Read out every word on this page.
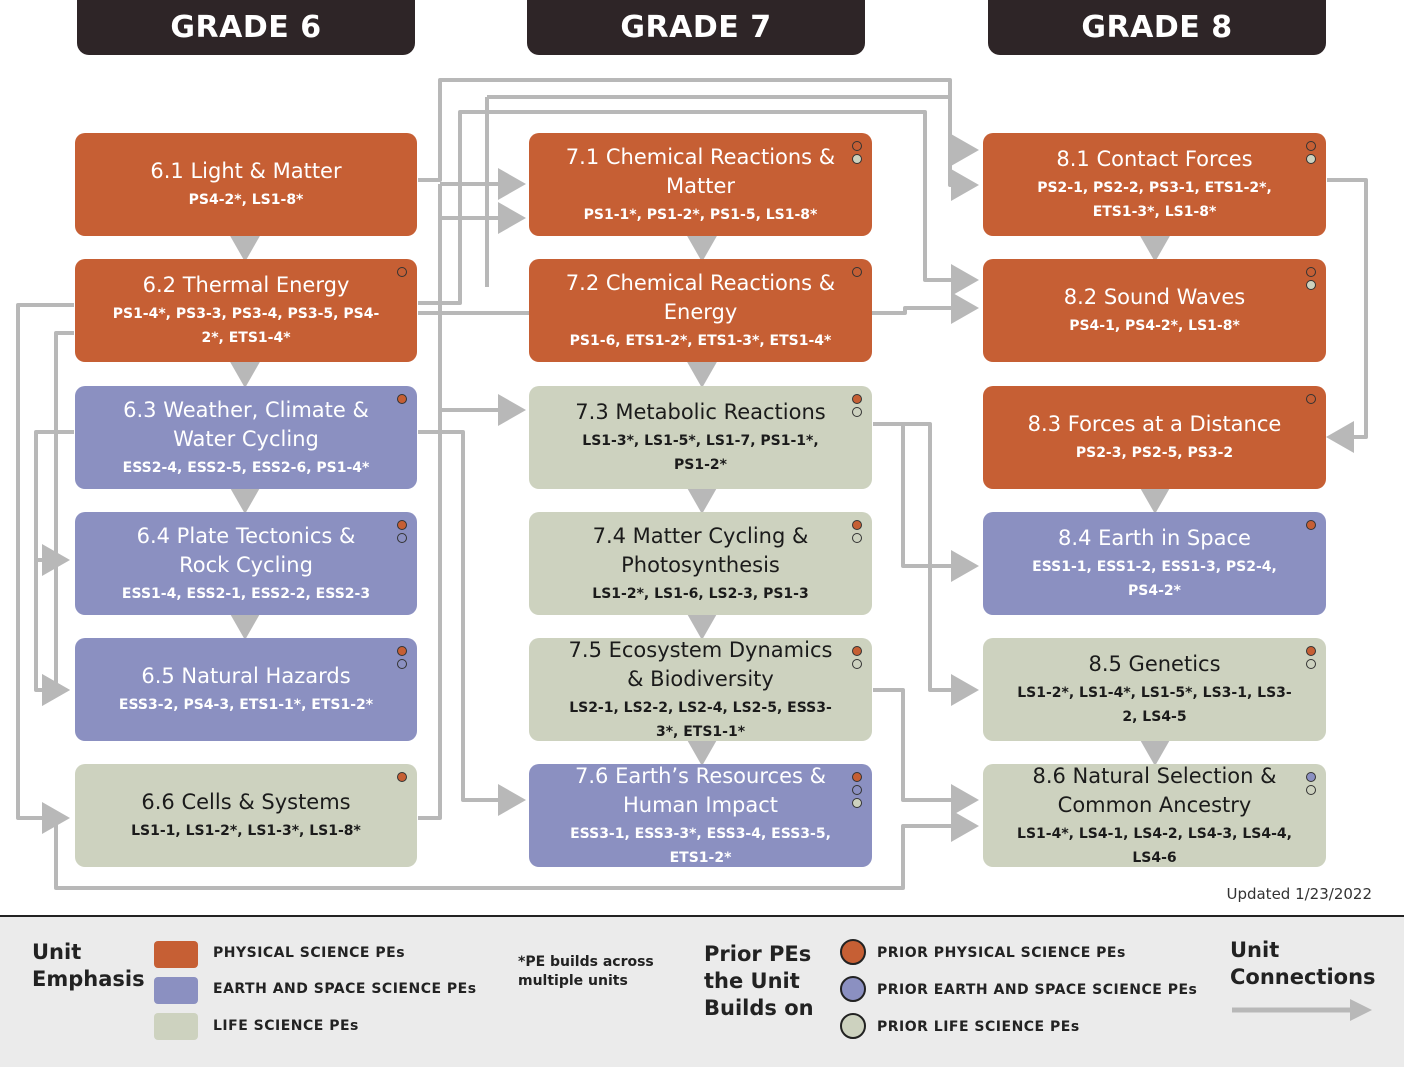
GRADE 6	GRADE 7	GRADE 8
6.1 Light & Matter
PS4-2*, LS1-8*
6.2 Thermal Energy
PS1-4*, PS3-3, PS3-4, PS3-5, PS4-2*, ETS1-4*
6.3 Weather, Climate & Water Cycling
ESS2-4, ESS2-5, ESS2-6, PS1-4*
6.4 Plate Tectonics & Rock Cycling
ESS1-4, ESS2-1, ESS2-2, ESS2-3
6.5 Natural Hazards
ESS3-2, PS4-3, ETS1-1*, ETS1-2*
6.6 Cells & Systems
LS1-1, LS1-2*, LS1-3*, LS1-8*
7.1 Chemical Reactions & Matter
PS1-1*, PS1-2*, PS1-5, LS1-8*
7.2 Chemical Reactions & Energy
PS1-6, ETS1-2*, ETS1-3*, ETS1-4*
7.3 Metabolic Reactions
LS1-3*, LS1-5*, LS1-7, PS1-1*, PS1-2*
7.4 Matter Cycling & Photosynthesis
LS1-2*, LS1-6, LS2-3, PS1-3
7.5 Ecosystem Dynamics & Biodiversity
LS2-1, LS2-2, LS2-4, LS2-5, ESS3-3*, ETS1-1*
7.6 Earth’s Resources & Human Impact
ESS3-1, ESS3-3*, ESS3-4, ESS3-5, ETS1-2*
8.1 Contact Forces
PS2-1, PS2-2, PS3-1, ETS1-2*, ETS1-3*, LS1-8*
8.2 Sound Waves
PS4-1, PS4-2*, LS1-8*
8.3 Forces at a Distance
PS2-3, PS2-5, PS3-2
8.4 Earth in Space
ESS1-1, ESS1-2, ESS1-3, PS2-4, PS4-2*
8.5 Genetics
LS1-2*, LS1-4*, LS1-5*, LS3-1, LS3-2, LS4-5
8.6 Natural Selection & Common Ancestry
LS1-4*, LS4-1, LS4-2, LS4-3, LS4-4, LS4-6
Updated 1/23/2022
Unit Emphasis
PHYSICAL SCIENCE PEs
EARTH AND SPACE SCIENCE PEs
LIFE SCIENCE PEs
*PE builds across multiple units
Prior PEs the Unit Builds on
PRIOR PHYSICAL SCIENCE PEs
PRIOR EARTH AND SPACE SCIENCE PEs
PRIOR LIFE SCIENCE PEs
Unit Connections
